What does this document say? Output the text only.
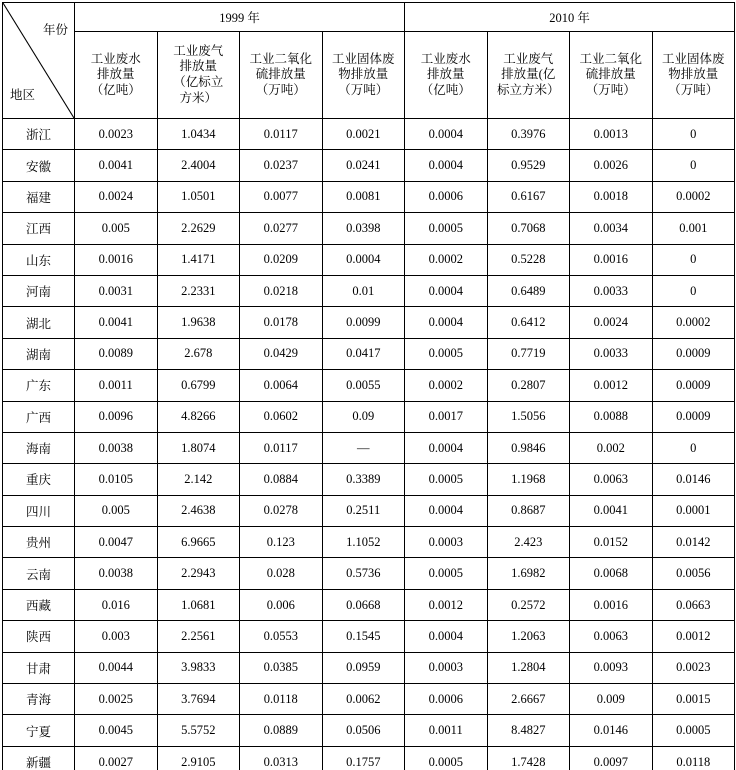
年份
地区	1999 年				2010 年			

	工业废水
排放量
（亿吨）	工业废气
排放量
（亿标立
方米）	工业二氧化
硫排放量
（万吨）	工业固体废
物排放量
（万吨）	工业废水
排放量
（亿吨）	工业废气
排放量(亿
标立方米）	工业二氧化
硫排放量
（万吨）	工业固体废
物排放量
（万吨）

浙江	0.0023	1.0434	0.0117	0.0021	0.0004	0.3976	0.0013	0
安徽	0.0041	2.4004	0.0237	0.0241	0.0004	0.9529	0.0026	0
福建	0.0024	1.0501	0.0077	0.0081	0.0006	0.6167	0.0018	0.0002
江西	0.005	2.2629	0.0277	0.0398	0.0005	0.7068	0.0034	0.001
山东	0.0016	1.4171	0.0209	0.0004	0.0002	0.5228	0.0016	0
河南	0.0031	2.2331	0.0218	0.01	0.0004	0.6489	0.0033	0
湖北	0.0041	1.9638	0.0178	0.0099	0.0004	0.6412	0.0024	0.0002
湖南	0.0089	2.678	0.0429	0.0417	0.0005	0.7719	0.0033	0.0009
广东	0.0011	0.6799	0.0064	0.0055	0.0002	0.2807	0.0012	0.0009
广西	0.0096	4.8266	0.0602	0.09	0.0017	1.5056	0.0088	0.0009
海南	0.0038	1.8074	0.0117	—	0.0004	0.9846	0.002	0
重庆	0.0105	2.142	0.0884	0.3389	0.0005	1.1968	0.0063	0.0146
四川	0.005	2.4638	0.0278	0.2511	0.0004	0.8687	0.0041	0.0001
贵州	0.0047	6.9665	0.123	1.1052	0.0003	2.423	0.0152	0.0142
云南	0.0038	2.2943	0.028	0.5736	0.0005	1.6982	0.0068	0.0056
西藏	0.016	1.0681	0.006	0.0668	0.0012	0.2572	0.0016	0.0663
陕西	0.003	2.2561	0.0553	0.1545	0.0004	1.2063	0.0063	0.0012
甘肃	0.0044	3.9833	0.0385	0.0959	0.0003	1.2804	0.0093	0.0023
青海	0.0025	3.7694	0.0118	0.0062	0.0006	2.6667	0.009	0.0015
宁夏	0.0045	5.5752	0.0889	0.0506	0.0011	8.4827	0.0146	0.0005
新疆	0.0027	2.9105	0.0313	0.1757	0.0005	1.7428	0.0097	0.0118
